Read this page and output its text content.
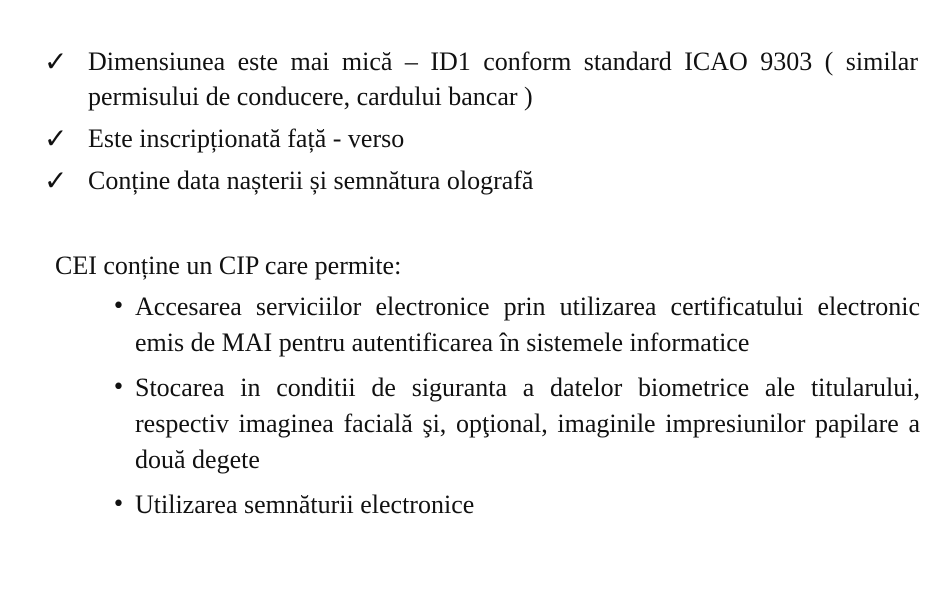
✓ Dimensiunea este mai mică – ID1 conform standard ICAO 9303 ( similar permisului de conducere, cardului bancar )
✓ Este inscripționată față - verso
✓ Conține data nașterii și semnătura olografă
CEI conține un CIP care permite:
• Accesarea serviciilor electronice prin utilizarea certificatului electronic emis de MAI pentru autentificarea în sistemele informatice
• Stocarea in conditii de siguranta a datelor biometrice ale titularului, respectiv imaginea facială şi, opţional, imaginile impresiunilor papilare a două degete
• Utilizarea semnăturii electronice
